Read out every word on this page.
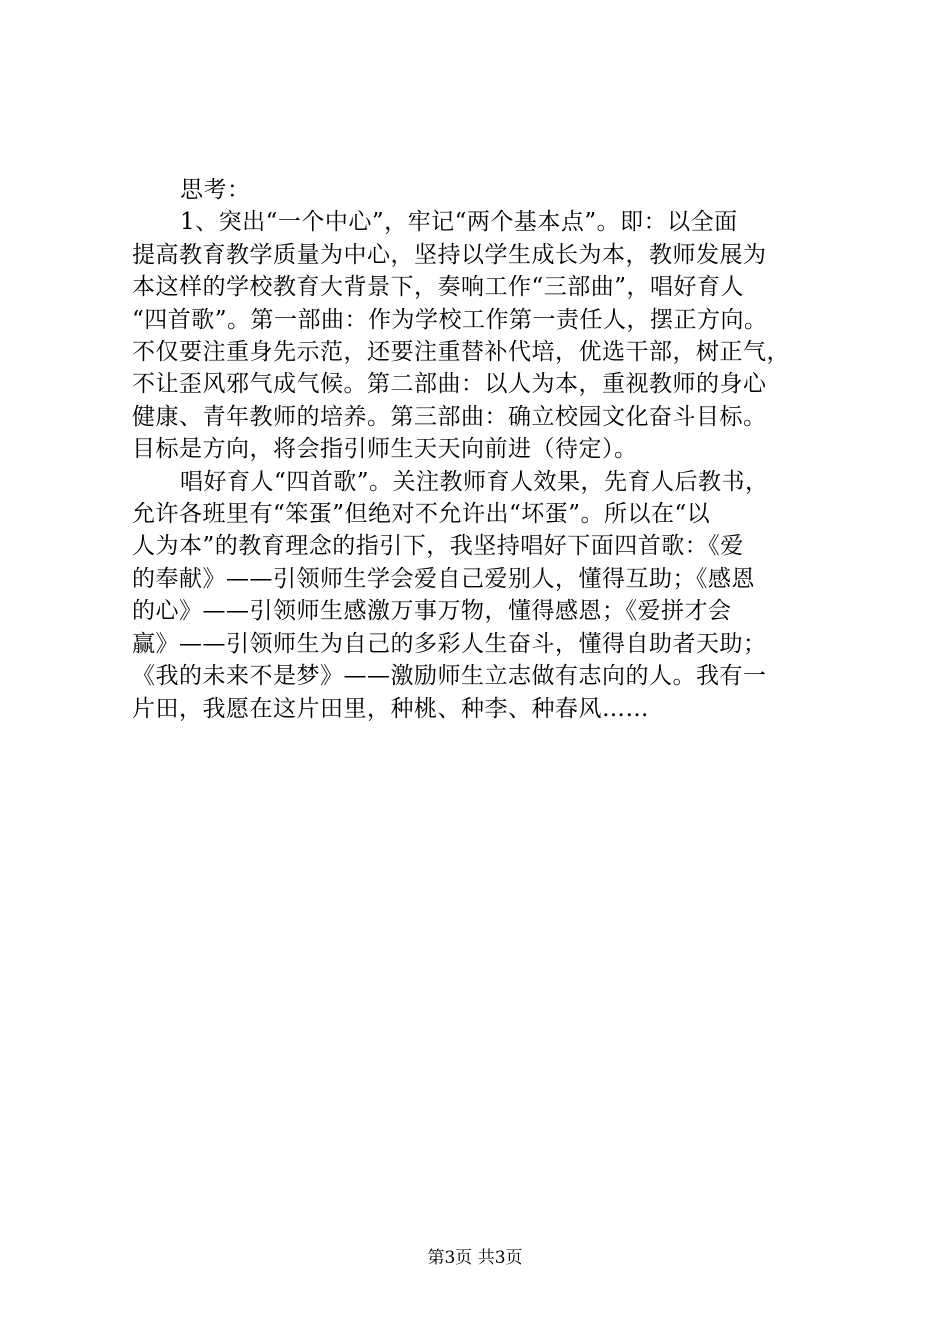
思考：

1、突出“一个中心”，牢记“两个基本点”。即：以全面
提高教育教学质量为中心，坚持以学生成长为本，教师发展为
本这样的学校教育大背景下，奏响工作“三部曲”，唱好育人
“四首歌”。第一部曲：作为学校工作第一责任人，摆正方向。
不仅要注重身先示范，还要注重替补代培，优选干部，树正气，
不让歪风邪气成气候。第二部曲：以人为本，重视教师的身心
健康、青年教师的培养。第三部曲：确立校园文化奋斗目标。
目标是方向，将会指引师生天天向前进（待定）。

唱好育人“四首歌”。关注教师育人效果，先育人后教书，
允许各班里有“笨蛋”但绝对不允许出“坏蛋”。所以在“以
人为本”的教育理念的指引下，我坚持唱好下面四首歌：《爱
的奉献》——引领师生学会爱自己爱别人，懂得互助；《感恩
的心》——引领师生感激万事万物，懂得感恩；《爱拼才会
赢》——引领师生为自己的多彩人生奋斗，懂得自助者天助；
《我的未来不是梦》——激励师生立志做有志向的人。我有一
片田，我愿在这片田里，种桃、种李、种春风……

第3页 共3页
